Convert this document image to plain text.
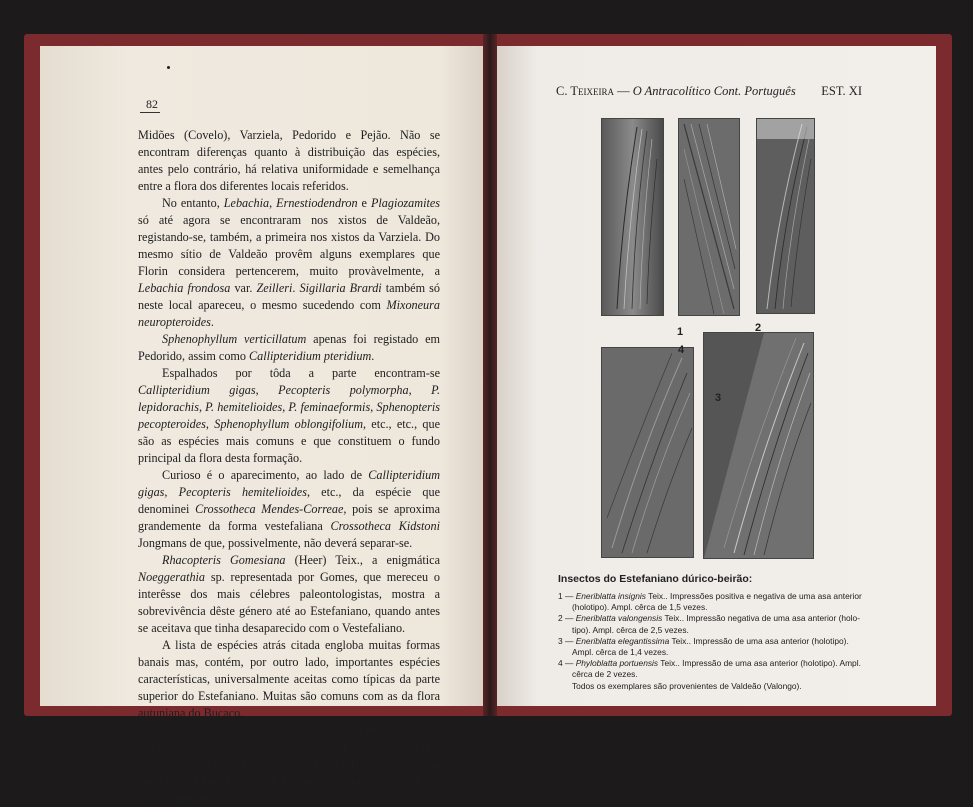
82

Midões (Covelo), Varziela, Pedorido e Pejão. Não se encontram diferenças quanto à distribuição das espécies, antes pelo contrário, há relativa uniformidade e semelhança entre a flora dos diferentes locais referidos.

No entanto, Lebachia, Ernestiodendron e Plagiozamites só até agora se encontraram nos xistos de Valdeão, registando-se, também, a primeira nos xistos da Varziela. Do mesmo sítio de Valdeão provêm alguns exemplares que Florin considera pertencerem, muito provàvelmente, a Lebachia frondosa var. Zeilleri. Sigillaria Brardi também só neste local apareceu, o mesmo sucedendo com Mixoneura neuropteroides.

Sphenophyllum verticillatum apenas foi registado em Pedorido, assim como Callipteridium pteridium.

Espalhados por tôda a parte encontram-se Callipteridium gigas, Pecopteris polymorpha, P. lepidorachis, P. hemitelioides, P. feminaeformis, Sphenopteris pecopteroides, Sphenophyllum oblongifolium, etc., etc., que são as espécies mais comuns e que constituem o fundo principal da flora desta formação.

Curioso é o aparecimento, ao lado de Callipteridium gigas, Pecopteris hemitelioides, etc., da espécie que denominei Crossotheca Mendes-Correae, pois se aproxima grandemente da forma vestefaliana Crossotheca Kidstoni Jongmans de que, possivelmente, não deverá separar-se.

Rhacopteris Gomesiana (Heer) Teix., a enigmática Noeggerathia sp. representada por Gomes, que mereceu o interêsse dos mais célebres paleontologistas, mostra a sobrevivência dêste género até ao Estefaniano, quando antes se aceitava que tinha desaparecido com o Vestefaliano.

A lista de espécies atrás citada engloba muitas formas banais mas, contém, por outro lado, importantes espécies características, universalmente aceitas como típicas da parte superior do Estefaniano. Muitas são comuns com as da flora autuniana do Buçaco.

Tanto Lebachia parvifolia, como Ernestiodendron filiciforme, são espécies de extensão vertical muito grande e conhecidas já em camadas do Estefaniano inferior, ao contrário da var. Zeilleri de L. frondosa, que só aparece em níveis superiores.

C. Teixeira — O Antracolítico Cont. Português EST. XI
1	2
3
4
Insectos do Estefaniano dúrico-beirão:
1 — Eneriblatta insignis Teix.. Impressões positiva e negativa de uma asa anterior
(holotipo). Ampl. cêrca de 1,5 vezes.
2 — Eneriblatta valongensis Teix.. Impressão negativa de uma asa anterior (holo-
tipo). Ampl. cêrca de 2,5 vezes.
3 — Eneriblatta elegantissima Teix.. Impressão de uma asa anterior (holotipo).
Ampl. cêrca de 1,4 vezes.
4 — Phyloblatta portuensis Teix.. Impressão de uma asa anterior (holotipo). Ampl.
cêrca de 2 vezes.
Todos os exemplares são provenientes de Valdeão (Valongo).
